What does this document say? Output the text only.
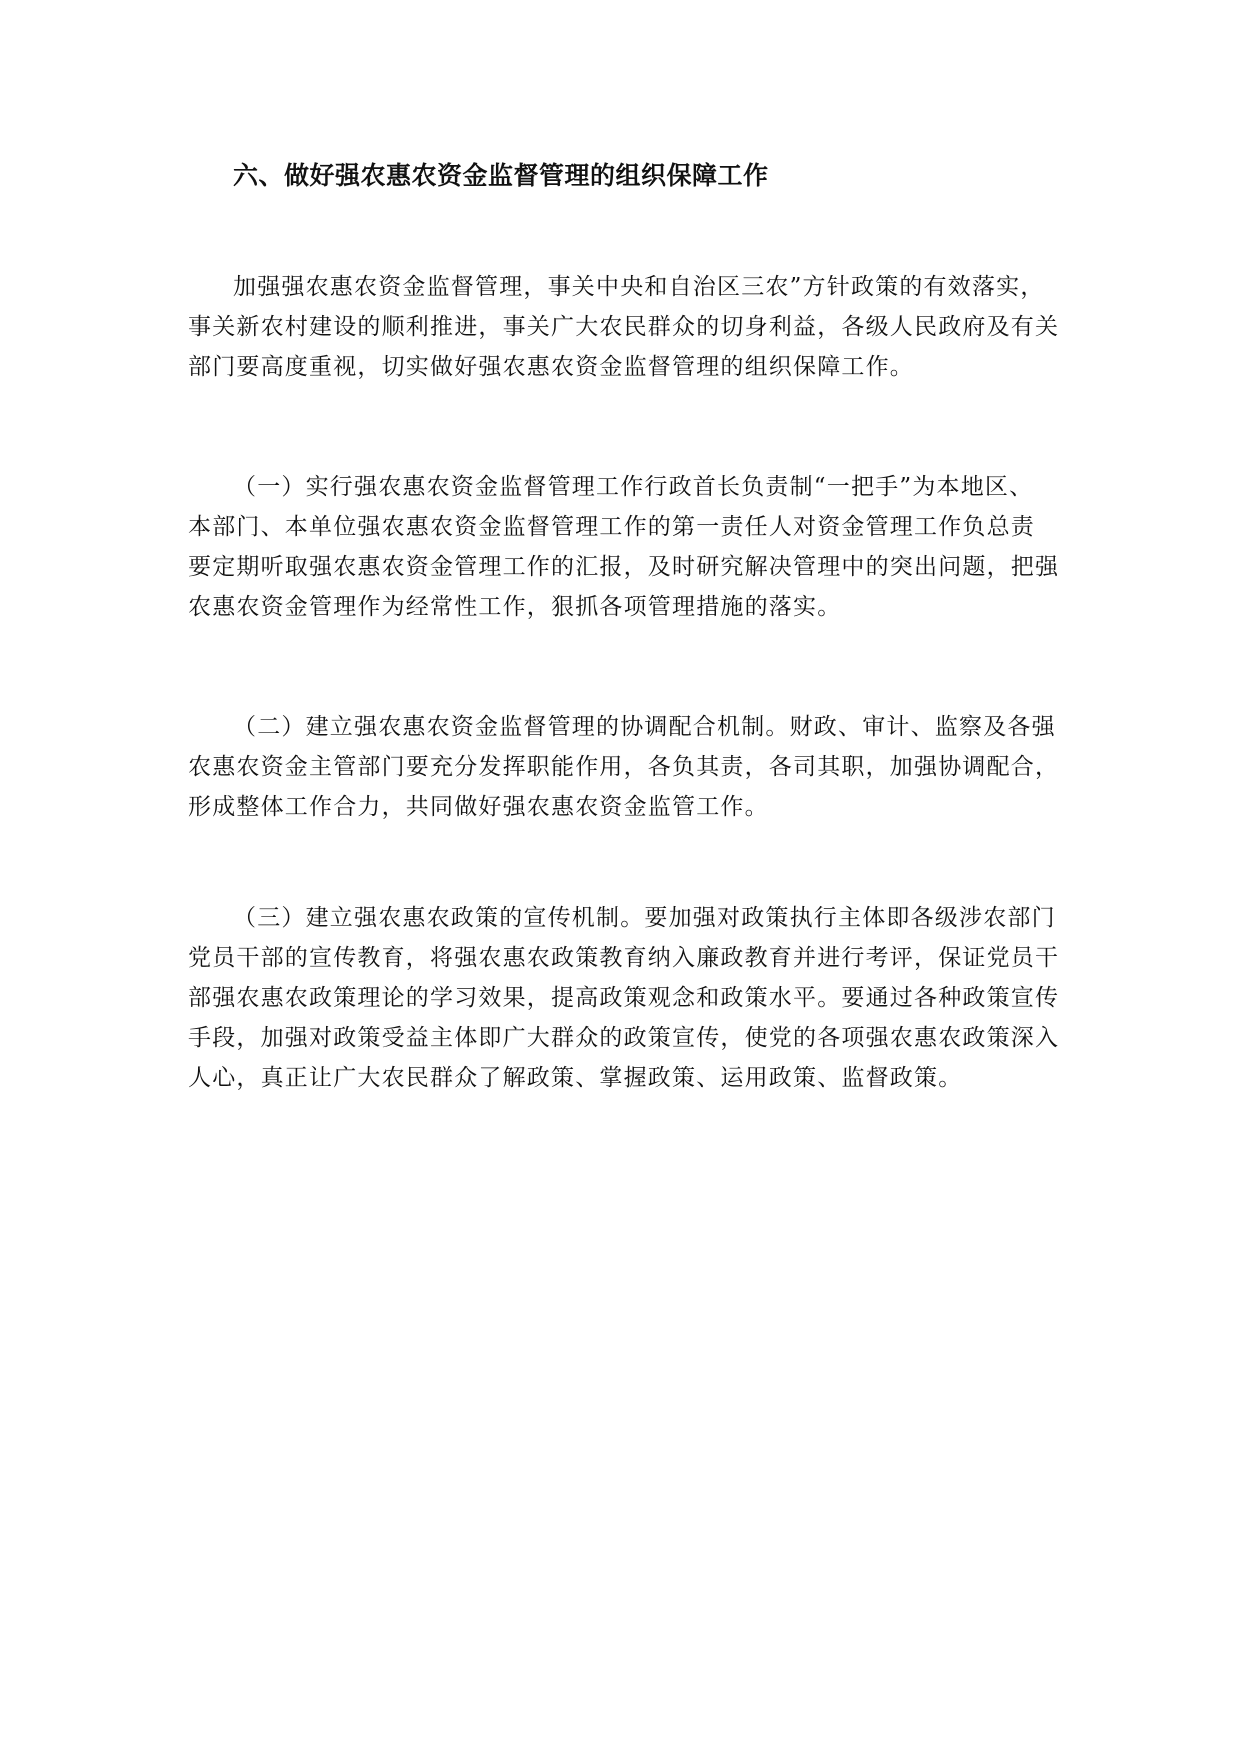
六、做好强农惠农资金监督管理的组织保障工作
加强强农惠农资金监督管理，事关中央和自治区三农”方针政策的有效落实，
事关新农村建设的顺利推进，事关广大农民群众的切身利益，各级人民政府及有关
部门要高度重视，切实做好强农惠农资金监督管理的组织保障工作。
（一）实行强农惠农资金监督管理工作行政首长负责制“一把手”为本地区、
本部门、本单位强农惠农资金监督管理工作的第一责任人对资金管理工作负总责
要定期听取强农惠农资金管理工作的汇报，及时研究解决管理中的突出问题，把强
农惠农资金管理作为经常性工作，狠抓各项管理措施的落实。
（二）建立强农惠农资金监督管理的协调配合机制。财政、审计、监察及各强
农惠农资金主管部门要充分发挥职能作用，各负其责，各司其职，加强协调配合，
形成整体工作合力，共同做好强农惠农资金监管工作。
（三）建立强农惠农政策的宣传机制。要加强对政策执行主体即各级涉农部门
党员干部的宣传教育，将强农惠农政策教育纳入廉政教育并进行考评，保证党员干
部强农惠农政策理论的学习效果，提高政策观念和政策水平。要通过各种政策宣传
手段，加强对政策受益主体即广大群众的政策宣传，使党的各项强农惠农政策深入
人心，真正让广大农民群众了解政策、掌握政策、运用政策、监督政策。
